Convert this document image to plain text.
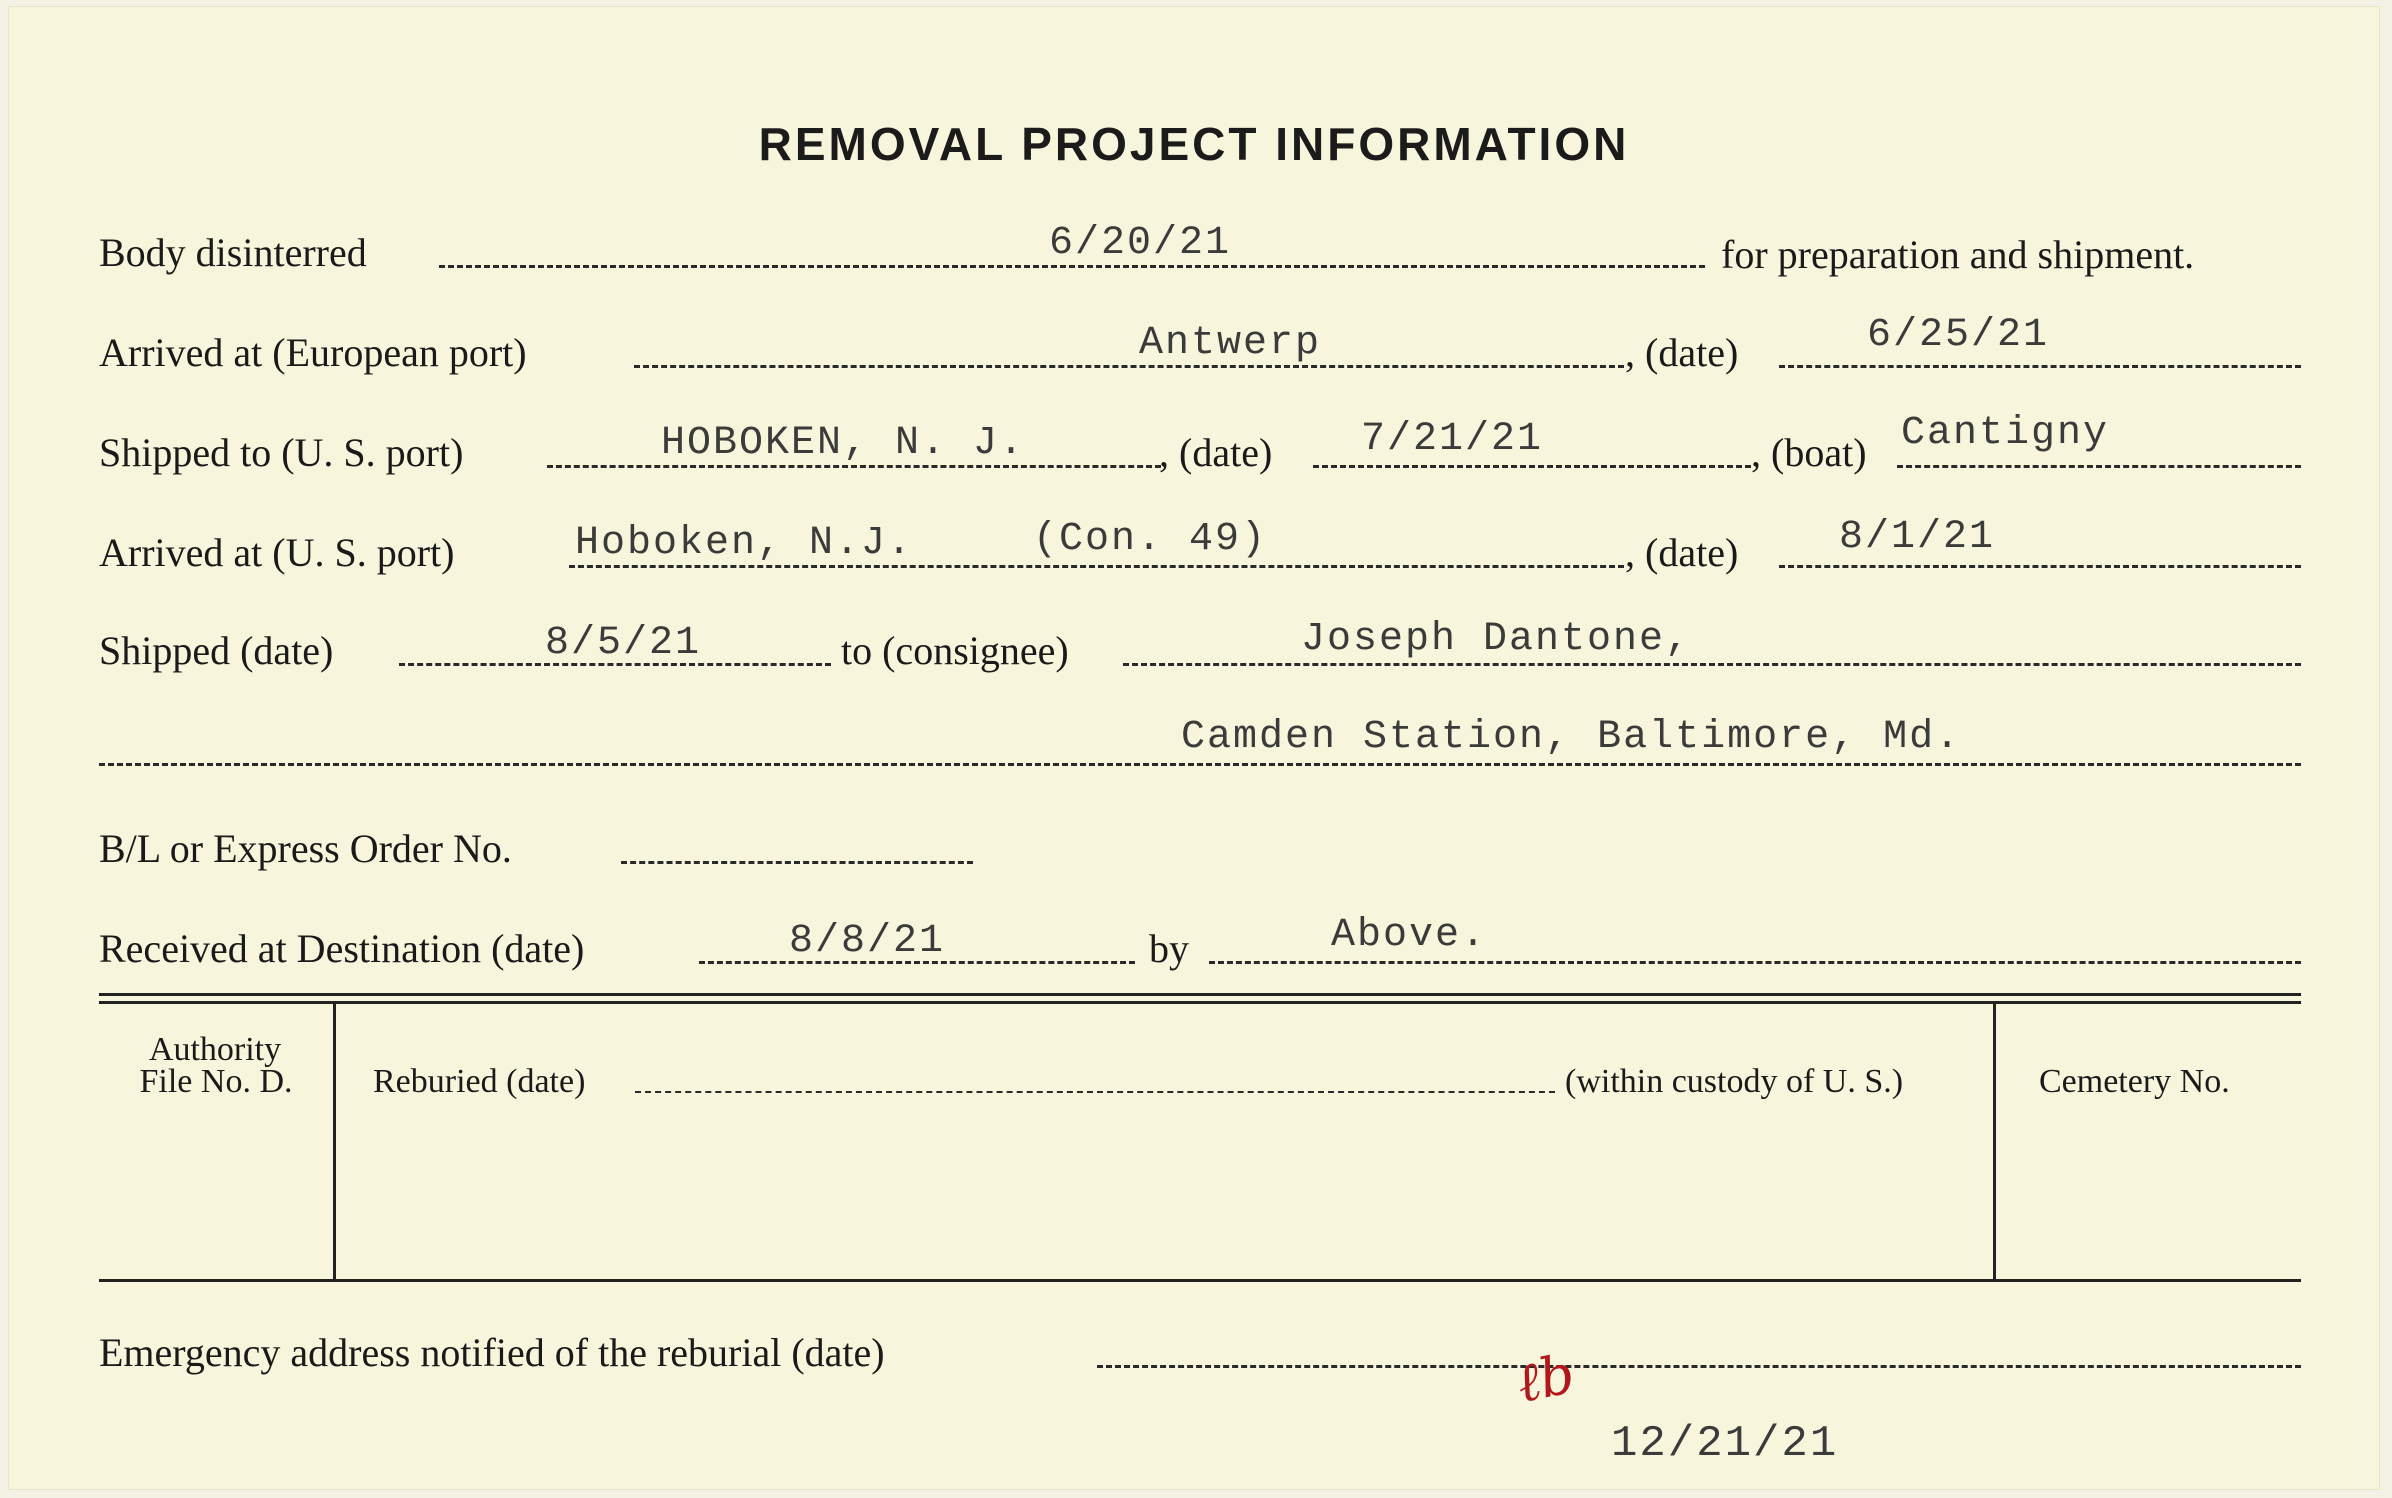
REMOVAL PROJECT INFORMATION
Body disinterred	6/20/21	for preparation and shipment.
Arrived at (European port)	Antwerp	, (date)	6/25/21
Shipped to (U. S. port)	HOBOKEN, N. J.	, (date) 7/21/21	, (boat) Cantigny
Arrived at (U. S. port)	Hoboken, N.J.	(Con. 49)	, (date)	8/1/21
Shipped (date)	8/5/21	to (consignee)	Joseph Dantone,
Camden Station, Baltimore, Md.
B/L or Express Order No.
Received at Destination (date)	8/8/21	by	Above.
Authority
File No. D.	Reburied (date)	(within custody of U. S.)	Cemetery No.
Emergency address notified of the reburial (date)	ℓb
12/21/21
